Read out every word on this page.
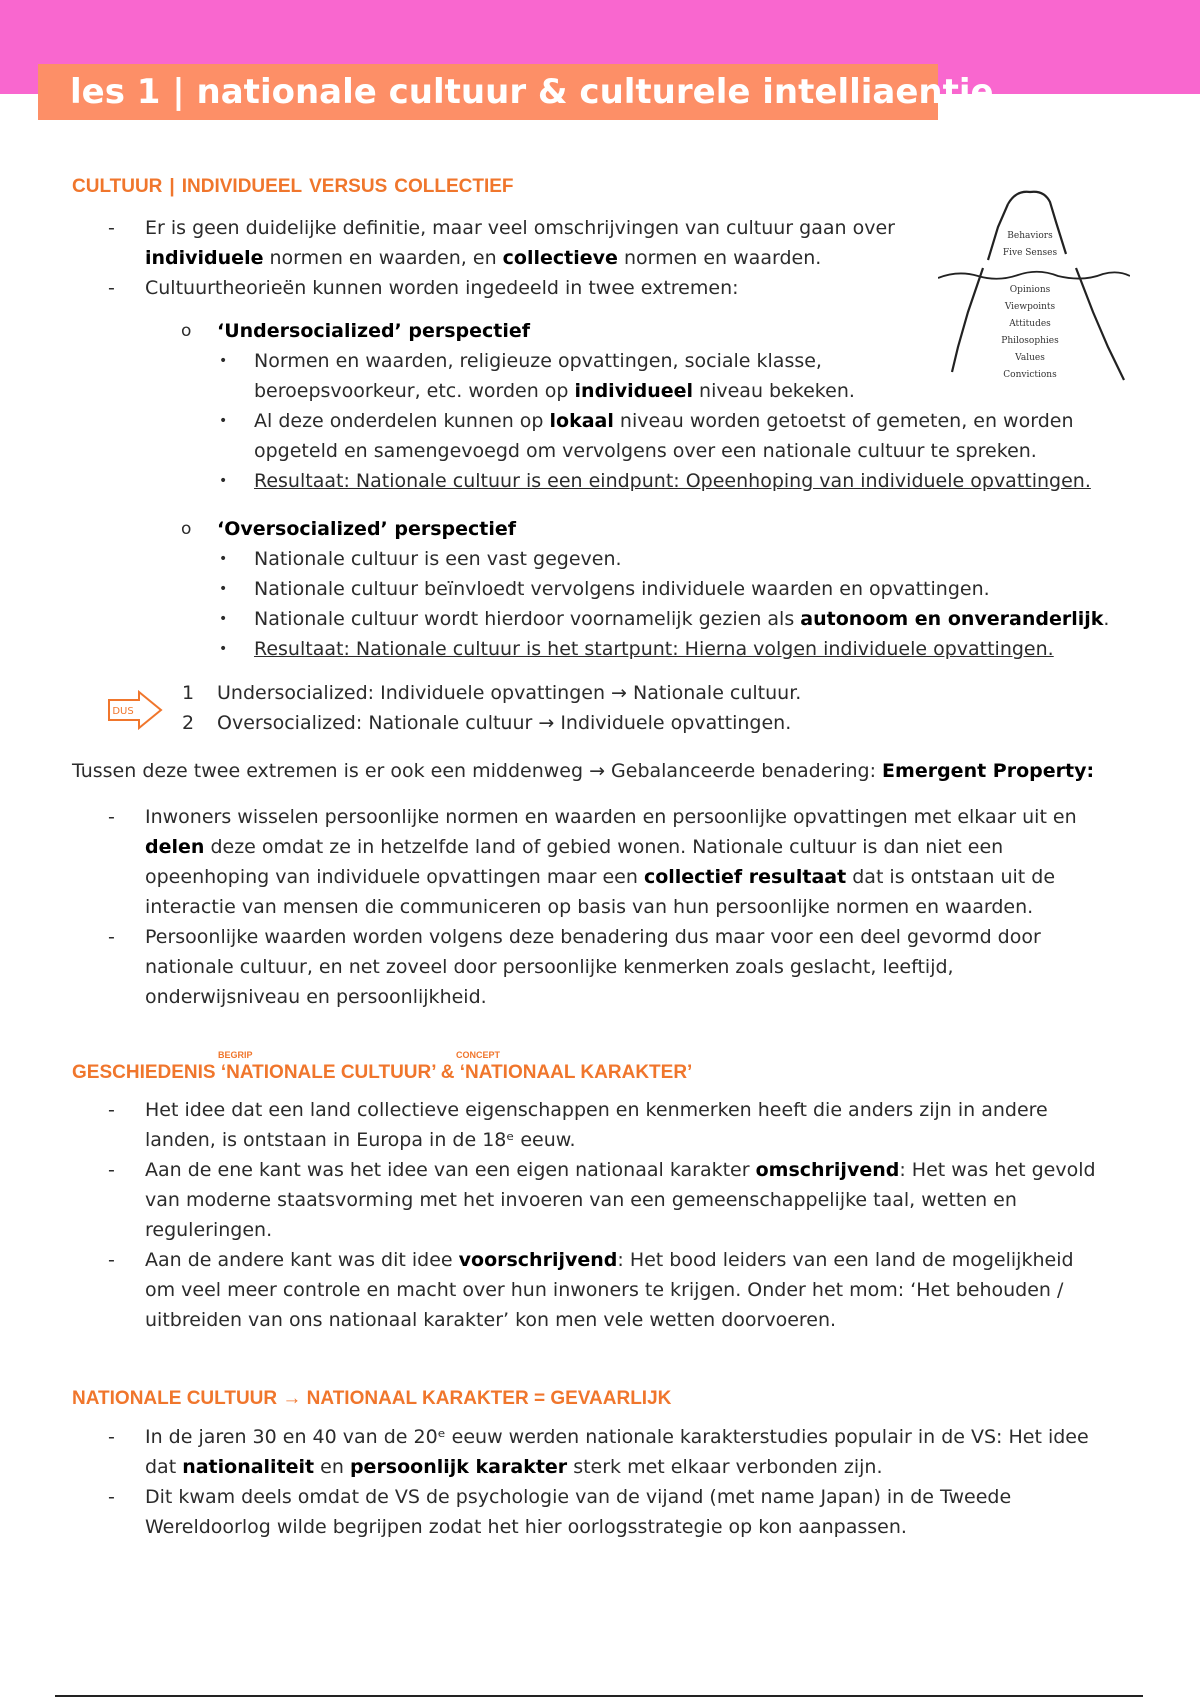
les 1 | nationale cultuur & culturele intelliaentie
CULTUUR | INDIVIDUEEL VERSUS COLLECTIEF
Behaviors
Five Senses
Opinions
Viewpoints
Attitudes
Philosophies
Values
Convictions
- Er is geen duidelijke definitie, maar veel omschrijvingen van cultuur gaan over
individuele normen en waarden, en collectieve normen en waarden.
- Cultuurtheorieën kunnen worden ingedeeld in twee extremen:
o ‘Undersocialized’ perspectief
• Normen en waarden, religieuze opvattingen, sociale klasse,
beroepsvoorkeur, etc. worden op individueel niveau bekeken.
• Al deze onderdelen kunnen op lokaal niveau worden getoetst of gemeten, en worden
opgeteld en samengevoegd om vervolgens over een nationale cultuur te spreken.
• Resultaat: Nationale cultuur is een eindpunt: Opeenhoping van individuele opvattingen.
o ‘Oversocialized’ perspectief
• Nationale cultuur is een vast gegeven.
• Nationale cultuur beïnvloedt vervolgens individuele waarden en opvattingen.
• Nationale cultuur wordt hierdoor voornamelijk gezien als autonoom en onveranderlijk.
• Resultaat: Nationale cultuur is het startpunt: Hierna volgen individuele opvattingen.
DUS
1 Undersocialized: Individuele opvattingen → Nationale cultuur.
2 Oversocialized: Nationale cultuur → Individuele opvattingen.
Tussen deze twee extremen is er ook een middenweg → Gebalanceerde benadering: Emergent Property:
- Inwoners wisselen persoonlijke normen en waarden en persoonlijke opvattingen met elkaar uit en
delen deze omdat ze in hetzelfde land of gebied wonen. Nationale cultuur is dan niet een
opeenhoping van individuele opvattingen maar een collectief resultaat dat is ontstaan uit de
interactie van mensen die communiceren op basis van hun persoonlijke normen en waarden.
- Persoonlijke waarden worden volgens deze benadering dus maar voor een deel gevormd door
nationale cultuur, en net zoveel door persoonlijke kenmerken zoals geslacht, leeftijd,
onderwijsniveau en persoonlijkheid.
GESCHIEDENIS ‘NATIONALE CULTUUR’ & ‘NATIONAAL KARAKTER’
BEGRIP	CONCEPT
- Het idee dat een land collectieve eigenschappen en kenmerken heeft die anders zijn in andere
landen, is ontstaan in Europa in de 18ᵉ eeuw.
- Aan de ene kant was het idee van een eigen nationaal karakter omschrijvend: Het was het gevold
van moderne staatsvorming met het invoeren van een gemeenschappelijke taal, wetten en
reguleringen.
- Aan de andere kant was dit idee voorschrijvend: Het bood leiders van een land de mogelijkheid
om veel meer controle en macht over hun inwoners te krijgen. Onder het mom: ‘Het behouden /
uitbreiden van ons nationaal karakter’ kon men vele wetten doorvoeren.
NATIONALE CULTUUR → NATIONAAL KARAKTER = GEVAARLIJK
- In de jaren 30 en 40 van de 20ᵉ eeuw werden nationale karakterstudies populair in de VS: Het idee
dat nationaliteit en persoonlijk karakter sterk met elkaar verbonden zijn.
- Dit kwam deels omdat de VS de psychologie van de vijand (met name Japan) in de Tweede
Wereldoorlog wilde begrijpen zodat het hier oorlogsstrategie op kon aanpassen.
